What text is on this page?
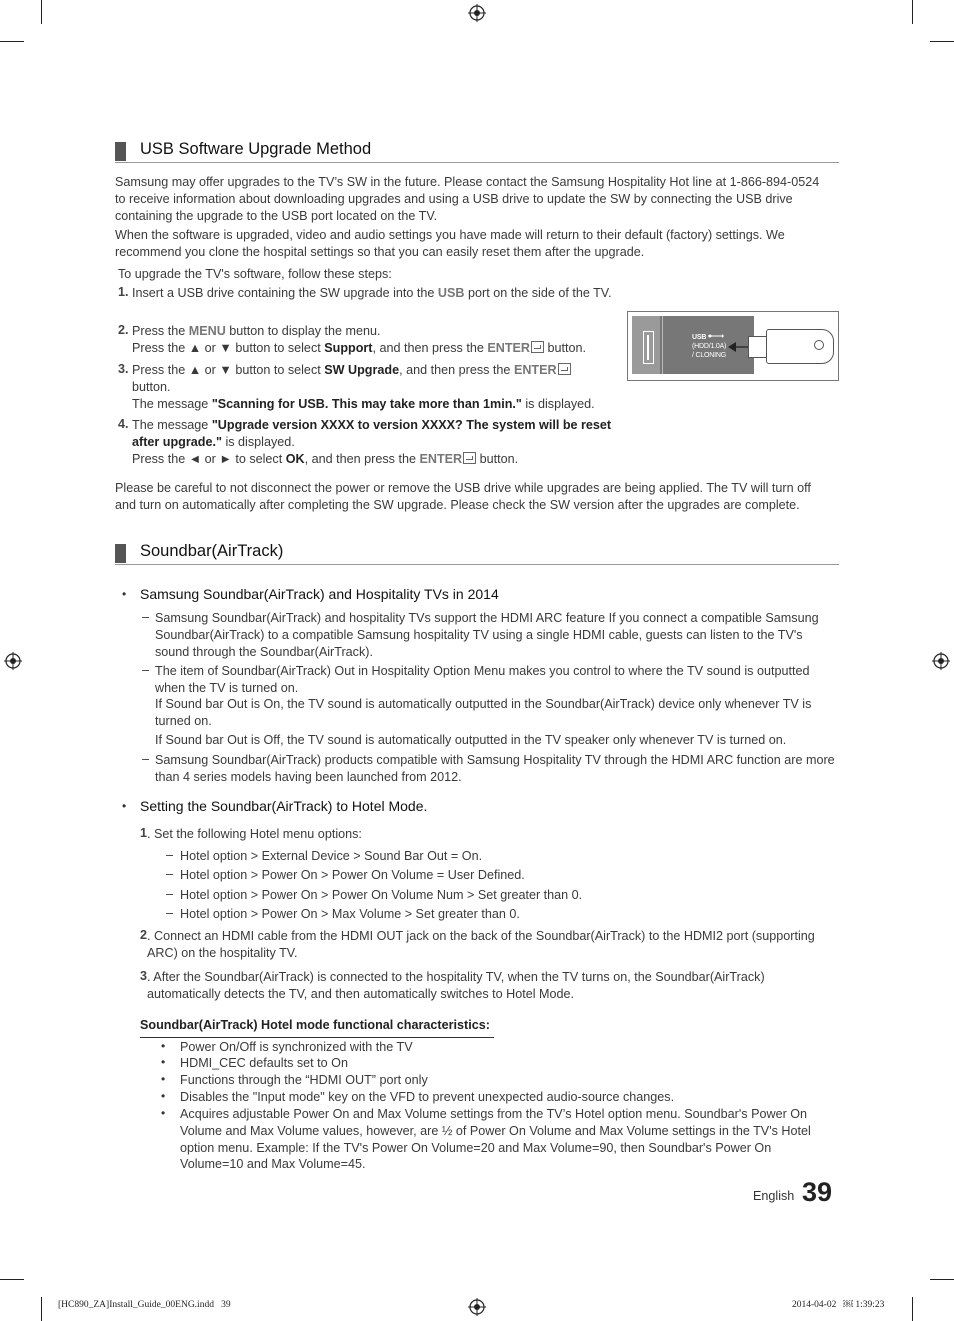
USB Software Upgrade Method
Samsung may offer upgrades to the TV’s SW in the future. Please contact the Samsung Hospitality Hot line at 1-866-894-0524 to receive information about downloading upgrades and using a USB drive to update the SW by connecting the USB drive containing the upgrade to the USB port located on the TV.
When the software is upgraded, video and audio settings you have made will return to their default (factory) settings. We recommend you clone the hospital settings so that you can easily reset them after the upgrade.
To upgrade the TV's software, follow these steps:
1. Insert a USB drive containing the SW upgrade into the USB port on the side of the TV.
2. Press the MENU button to display the menu.
Press the ▲ or ▼ button to select Support, and then press the ENTER button.
3. Press the ▲ or ▼ button to select SW Upgrade, and then press the ENTER
button.
The message "Scanning for USB. This may take more than 1min." is displayed.
4. The message "Upgrade version XXXX to version XXXX? The system will be reset after upgrade." is displayed.
Press the ◄ or ► to select OK, and then press the ENTER button.
USB
(HDD/1.0A)
/ CLONING
Please be careful to not disconnect the power or remove the USB drive while upgrades are being applied. The TV will turn off and turn on automatically after completing the SW upgrade. Please check the SW version after the upgrades are complete.
Soundbar(AirTrack)
• Samsung Soundbar(AirTrack) and Hospitality TVs in 2014
– Samsung Soundbar(AirTrack) and hospitality TVs support the HDMI ARC feature If you connect a compatible Samsung Soundbar(AirTrack) to a compatible Samsung hospitality TV using a single HDMI cable, guests can listen to the TV's sound through the Soundbar(AirTrack).
– The item of Soundbar(AirTrack) Out in Hospitality Option Menu makes you control to where the TV sound is outputted when the TV is turned on.
If Sound bar Out is On, the TV sound is automatically outputted in the Soundbar(AirTrack) device only whenever TV is turned on.
If Sound bar Out is Off, the TV sound is automatically outputted in the TV speaker only whenever TV is turned on.
– Samsung Soundbar(AirTrack) products compatible with Samsung Hospitality TV through the HDMI ARC function are more than 4 series models having been launched from 2012.
• Setting the Soundbar(AirTrack) to Hotel Mode.
1 . Set the following Hotel menu options:
– Hotel option > External Device > Sound Bar Out = On.
– Hotel option > Power On > Power On Volume = User Defined.
– Hotel option > Power On > Power On Volume Num > Set greater than 0.
– Hotel option > Power On > Max Volume > Set greater than 0.
2 . Connect an HDMI cable from the HDMI OUT jack on the back of the Soundbar(AirTrack) to the HDMI2 port (supporting ARC) on the hospitality TV.
3 . After the Soundbar(AirTrack) is connected to the hospitality TV, when the TV turns on, the Soundbar(AirTrack) automatically detects the TV, and then automatically switches to Hotel Mode.
Soundbar(AirTrack) Hotel mode functional characteristics:
• Power On/Off is synchronized with the TV
• HDMI_CEC defaults set to On
• Functions through the “HDMI OUT” port only
• Disables the "Input mode" key on the VFD to prevent unexpected audio-source changes.
• Acquires adjustable Power On and Max Volume settings from the TV’s Hotel option menu. Soundbar's Power On Volume and Max Volume values, however, are ½ of Power On Volume and Max Volume settings in the TV's Hotel option menu. Example: If the TV's Power On Volume=20 and Max Volume=90, then Soundbar's Power On Volume=10 and Max Volume=45.
English 39
[HC890_ZA]Install_Guide_00ENG.indd   39	2014-04-02   ￼ 1:39:23
